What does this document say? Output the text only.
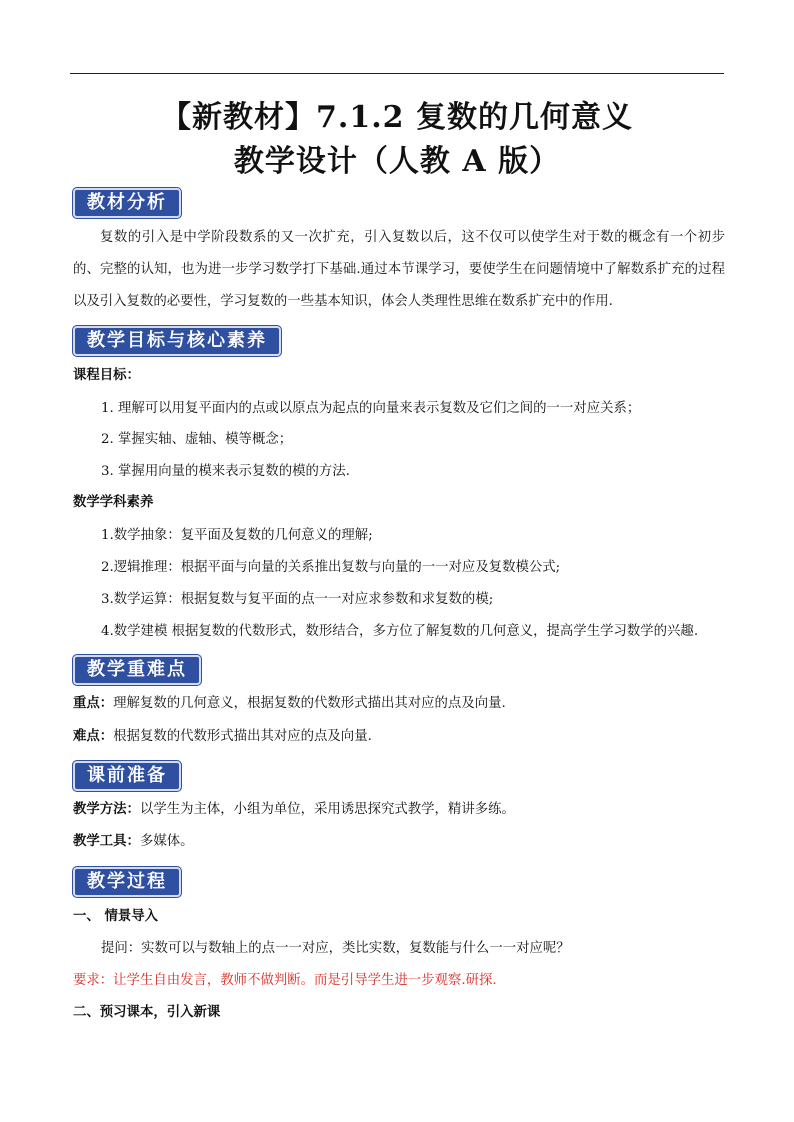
【新教材】7.1.2 复数的几何意义
教学设计（人教 A 版）
教材分析
复数的引入是中学阶段数系的又一次扩充，引入复数以后，这不仅可以使学生对于数的概念有一个初步的、完整的认知，也为进一步学习数学打下基础.通过本节课学习，要使学生在问题情境中了解数系扩充的过程以及引入复数的必要性，学习复数的一些基本知识，体会人类理性思维在数系扩充中的作用.
教学目标与核心素养
课程目标：
1. 理解可以用复平面内的点或以原点为起点的向量来表示复数及它们之间的一一对应关系；
2. 掌握实轴、虚轴、模等概念；
3. 掌握用向量的模来表示复数的模的方法.
数学学科素养
1.数学抽象：复平面及复数的几何意义的理解;
2.逻辑推理：根据平面与向量的关系推出复数与向量的一一对应及复数模公式;
3.数学运算：根据复数与复平面的点一一对应求参数和求复数的模;
4.数学建模 根据复数的代数形式，数形结合，多方位了解复数的几何意义，提高学生学习数学的兴趣.
教学重难点
重点：理解复数的几何意义，根据复数的代数形式描出其对应的点及向量.
难点：根据复数的代数形式描出其对应的点及向量.
课前准备
教学方法：以学生为主体，小组为单位，采用诱思探究式教学，精讲多练。
教学工具：多媒体。
教学过程
一、 情景导入
提问：实数可以与数轴上的点一一对应，类比实数，复数能与什么一一对应呢？
要求：让学生自由发言，教师不做判断。而是引导学生进一步观察.研探.
二、预习课本，引入新课
